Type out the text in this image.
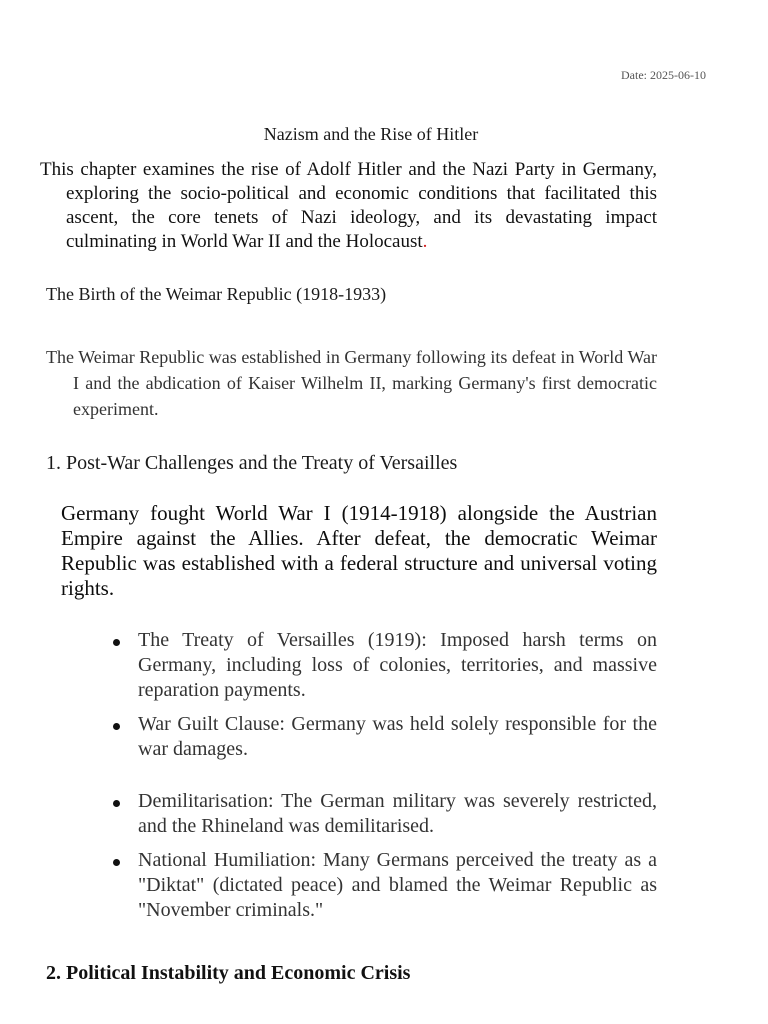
Date: 2025-06-10
Nazism and the Rise of Hitler
This chapter examines the rise of Adolf Hitler and the Nazi Party in Germany, exploring the socio-political and economic conditions that facilitated this ascent, the core tenets of Nazi ideology, and its devastating impact culminating in World War II and the Holocaust.
The Birth of the Weimar Republic (1918-1933)
The Weimar Republic was established in Germany following its defeat in World War I and the abdication of Kaiser Wilhelm II, marking Germany's first democratic experiment.
1. Post-War Challenges and the Treaty of Versailles
Germany fought World War I (1914-1918) alongside the Austrian Empire against the Allies. After defeat, the democratic Weimar Republic was established with a federal structure and universal voting rights.
The Treaty of Versailles (1919): Imposed harsh terms on Germany, including loss of colonies, territories, and massive reparation payments.
War Guilt Clause: Germany was held solely responsible for the war damages.
Demilitarisation: The German military was severely restricted, and the Rhineland was demilitarised.
National Humiliation: Many Germans perceived the treaty as a "Diktat" (dictated peace) and blamed the Weimar Republic as "November criminals."
2. Political Instability and Economic Crisis
